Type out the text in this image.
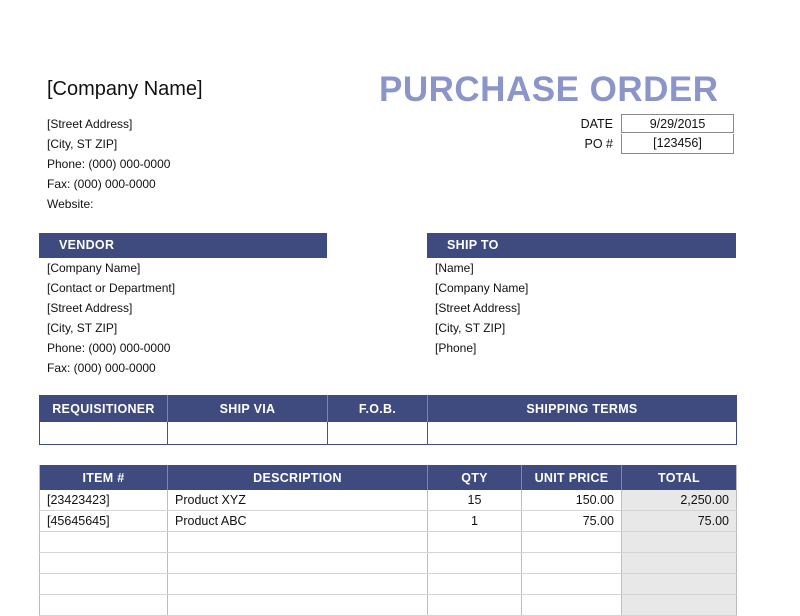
[Company Name]
[Street Address]
[City, ST ZIP]
Phone: (000) 000-0000
Fax: (000) 000-0000
Website:
PURCHASE ORDER
DATE	9/29/2015
PO #	[123456]
VENDOR
[Company Name]
[Contact or Department]
[Street Address]
[City, ST ZIP]
Phone: (000) 000-0000
Fax: (000) 000-0000
SHIP TO
[Name]
[Company Name]
[Street Address]
[City, ST ZIP]
[Phone]
REQUISITIONER	SHIP VIA	F.O.B.	SHIPPING TERMS

ITEM #	DESCRIPTION	QTY	UNIT PRICE	TOTAL
[23423423]	Product XYZ	15	150.00	2,250.00
[45645645]	Product ABC	1	75.00	75.00
